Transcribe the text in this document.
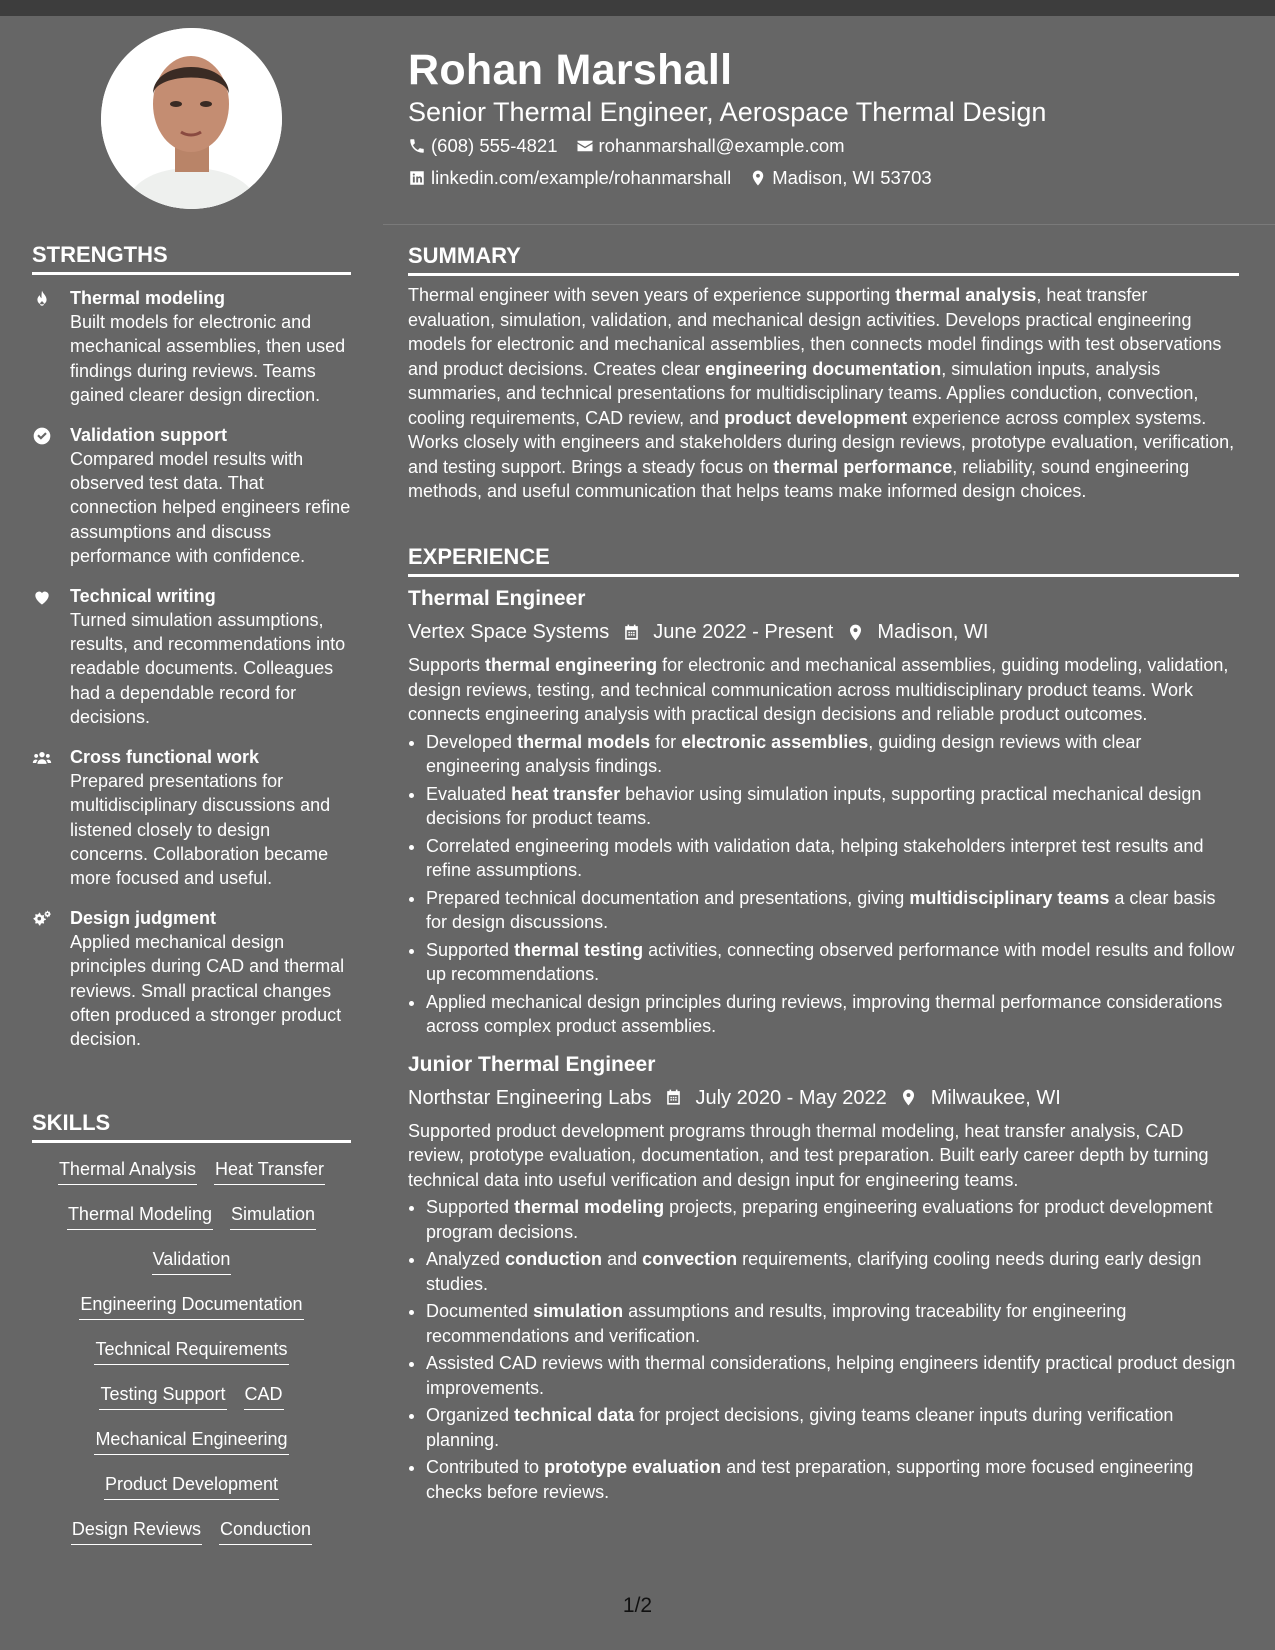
Rohan Marshall
Senior Thermal Engineer, Aerospace Thermal Design
(608) 555-4821 rohanmarshall@example.com
linkedin.com/example/rohanmarshall Madison, WI 53703
STRENGTHS

Thermal modeling

Built models for electronic and mechanical assemblies, then used findings during reviews. Teams gained clearer design direction.

Validation support

Compared model results with observed test data. That connection helped engineers refine assumptions and discuss performance with confidence.

Technical writing

Turned simulation assumptions, results, and recommendations into readable documents. Colleagues had a dependable record for decisions.

Cross functional work

Prepared presentations for multidisciplinary discussions and listened closely to design concerns. Collaboration became more focused and useful.

Design judgment

Applied mechanical design principles during CAD and thermal reviews. Small practical changes often produced a stronger product decision.

SKILLS
Thermal Analysis Heat Transfer
Thermal Modeling Simulation
Validation
Engineering Documentation
Technical Requirements
Testing Support CAD
Mechanical Engineering
Product Development
Design Reviews Conduction
SUMMARY

Thermal engineer with seven years of experience supporting thermal analysis, heat transfer evaluation, simulation, validation, and mechanical design activities. Develops practical engineering models for electronic and mechanical assemblies, then connects model findings with test observations and product decisions. Creates clear engineering documentation, simulation inputs, analysis summaries, and technical presentations for multidisciplinary teams. Applies conduction, convection, cooling requirements, CAD review, and product development experience across complex systems. Works closely with engineers and stakeholders during design reviews, prototype evaluation, verification, and testing support. Brings a steady focus on thermal performance, reliability, sound engineering methods, and useful communication that helps teams make informed design choices.

EXPERIENCE
Thermal Engineer
Vertex Space Systems June 2022 - Present Madison, WI

Supports thermal engineering for electronic and mechanical assemblies, guiding modeling, validation, design reviews, testing, and technical communication across multidisciplinary product teams. Work connects engineering analysis with practical design decisions and reliable product outcomes.

• Developed thermal models for electronic assemblies, guiding design reviews with clear engineering analysis findings.
• Evaluated heat transfer behavior using simulation inputs, supporting practical mechanical design decisions for product teams.
• Correlated engineering models with validation data, helping stakeholders interpret test results and refine assumptions.
• Prepared technical documentation and presentations, giving multidisciplinary teams a clear basis for design discussions.
• Supported thermal testing activities, connecting observed performance with model results and follow up recommendations.
• Applied mechanical design principles during reviews, improving thermal performance considerations across complex product assemblies.
Junior Thermal Engineer
Northstar Engineering Labs July 2020 - May 2022 Milwaukee, WI

Supported product development programs through thermal modeling, heat transfer analysis, CAD review, prototype evaluation, documentation, and test preparation. Built early career depth by turning technical data into useful verification and design input for engineering teams.

• Supported thermal modeling projects, preparing engineering evaluations for product development program decisions.
• Analyzed conduction and convection requirements, clarifying cooling needs during early design studies.
• Documented simulation assumptions and results, improving traceability for engineering recommendations and verification.
• Assisted CAD reviews with thermal considerations, helping engineers identify practical product design improvements.
• Organized technical data for project decisions, giving teams cleaner inputs during verification planning.
• Contributed to prototype evaluation and test preparation, supporting more focused engineering checks before reviews.
1/2
